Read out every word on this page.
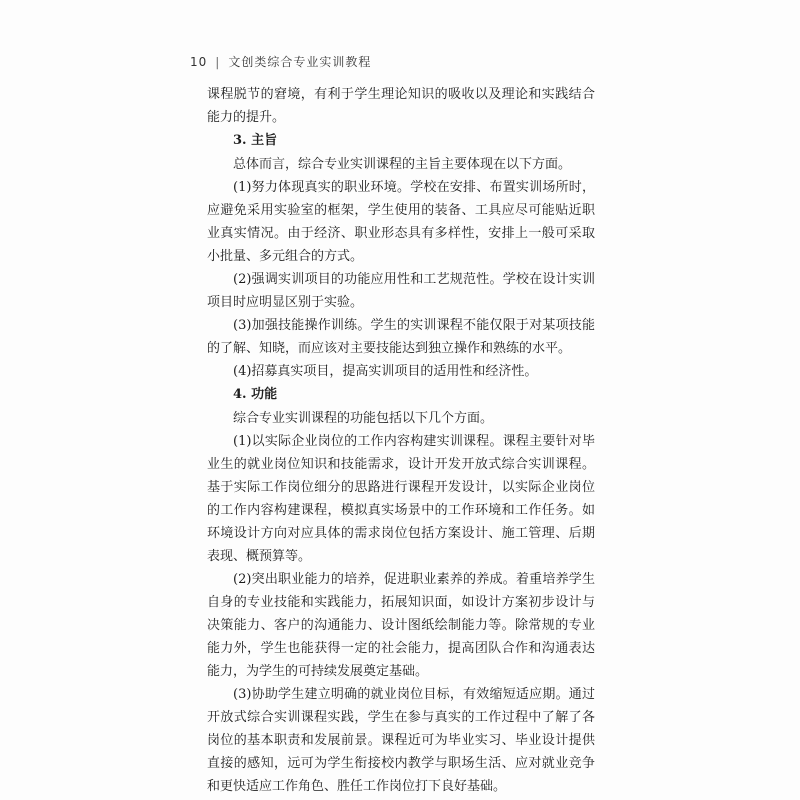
10 | 文创类综合专业实训教程

课程脱节的窘境，有利于学生理论知识的吸收以及理论和实践结合能力的提升。

3. 主旨

总体而言，综合专业实训课程的主旨主要体现在以下方面。

(1)努力体现真实的职业环境。学校在安排、布置实训场所时，应避免采用实验室的框架，学生使用的装备、工具应尽可能贴近职业真实情况。由于经济、职业形态具有多样性，安排上一般可采取小批量、多元组合的方式。

(2)强调实训项目的功能应用性和工艺规范性。学校在设计实训项目时应明显区别于实验。

(3)加强技能操作训练。学生的实训课程不能仅限于对某项技能的了解、知晓，而应该对主要技能达到独立操作和熟练的水平。

(4)招募真实项目，提高实训项目的适用性和经济性。

4. 功能

综合专业实训课程的功能包括以下几个方面。

(1)以实际企业岗位的工作内容构建实训课程。课程主要针对毕业生的就业岗位知识和技能需求，设计开发开放式综合实训课程。基于实际工作岗位细分的思路进行课程开发设计，以实际企业岗位的工作内容构建课程，模拟真实场景中的工作环境和工作任务。如环境设计方向对应具体的需求岗位包括方案设计、施工管理、后期表现、概预算等。

(2)突出职业能力的培养，促进职业素养的养成。着重培养学生自身的专业技能和实践能力，拓展知识面，如设计方案初步设计与决策能力、客户的沟通能力、设计图纸绘制能力等。除常规的专业能力外，学生也能获得一定的社会能力，提高团队合作和沟通表达能力，为学生的可持续发展奠定基础。

(3)协助学生建立明确的就业岗位目标，有效缩短适应期。通过开放式综合实训课程实践，学生在参与真实的工作过程中了解了各岗位的基本职责和发展前景。课程近可为毕业实习、毕业设计提供直接的感知，远可为学生衔接校内教学与职场生活、应对就业竞争和更快适应工作角色、胜任工作岗位打下良好基础。
